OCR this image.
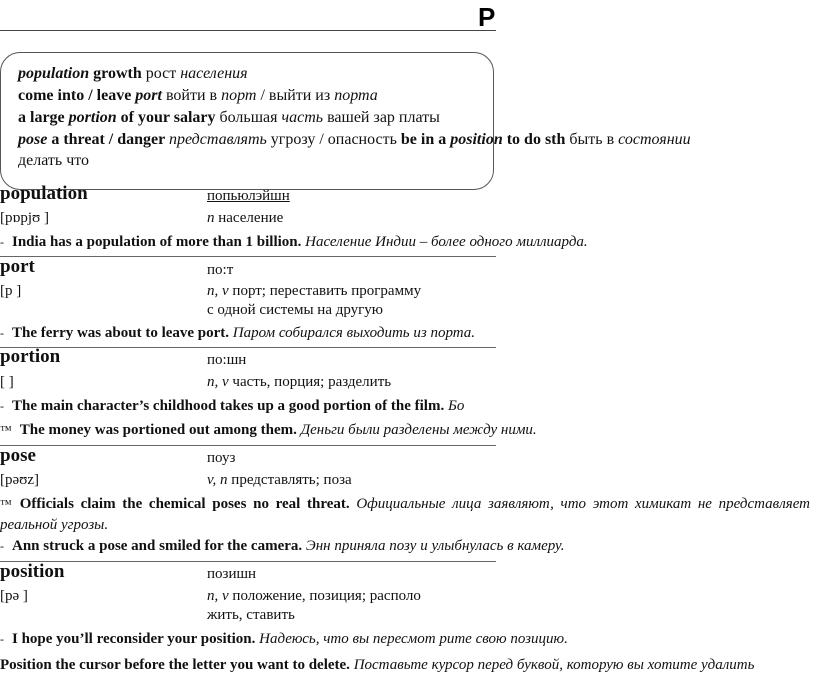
P
population growth рост населения
come into / leave port войти в порт / выйти из порта
a large portion of your salary большая часть вашей зар платы
pose a threat / danger представлять угрозу / опасность be in a position to do sth быть в состоянии
делать что
population	попьюлэйшн
[pɒpjʊ ]	n население
- India has a population of more than 1 billion. Население Индии – более одного миллиарда.
port	по:т
[p ]	n, v порт; переставить программу
с одной системы на другую
- The ferry was about to leave port. Паром собирался выходить из порта.
portion	по:шн
[ ]	n, v часть, порция; разделить
- The main character’s childhood takes up a good portion of the film. Бо
™ The money was portioned out among them. Деньги были разделены между ними.
pose	поуз
[pəʊz]	v, n представлять; поза
™ Officials claim the chemical poses no real threat. Официальные лица заявляют, что этот химикат не представляет реальной угрозы.
- Ann struck a pose and smiled for the camera. Энн приняла позу и улыбнулась в камеру.
position	позишн
[pə ]	n, v положение, позиция; располо
жить, ставить
- I hope you’ll reconsider your position. Надеюсь, что вы пересмот рите свою позицию.
Position the cursor before the letter you want to delete. Поставьте курсор перед буквой, которую вы хотите удалить
